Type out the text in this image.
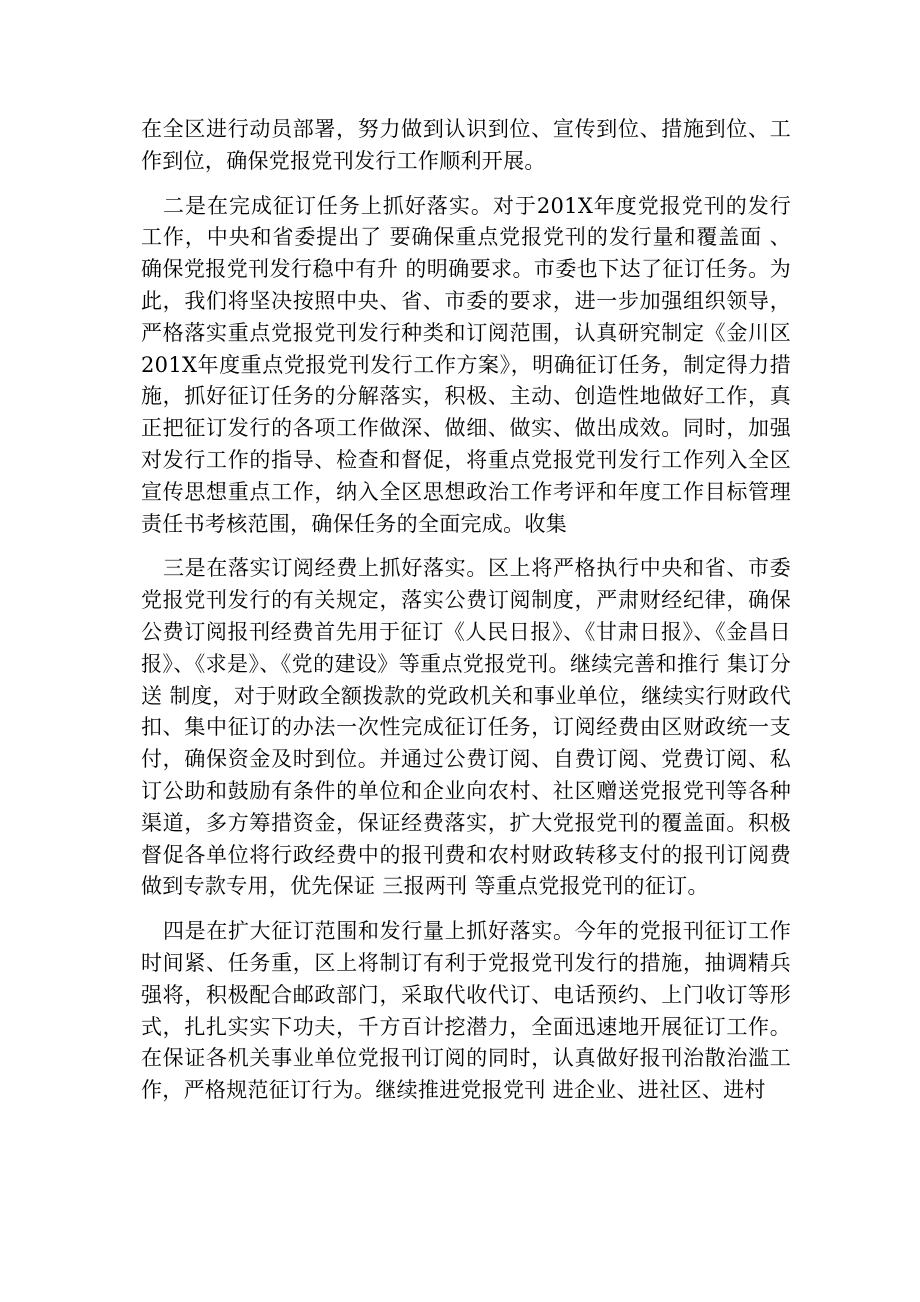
在全区进行动员部署，努力做到认识到位、宣传到位、措施到位、工作到位，确保党报党刊发行工作顺利开展。

二是在完成征订任务上抓好落实。对于201X年度党报党刊的发行工作，中央和省委提出了 要确保重点党报党刊的发行量和覆盖面 、确保党报党刊发行稳中有升 的明确要求。市委也下达了征订任务。为此，我们将坚决按照中央、省、市委的要求，进一步加强组织领导，严格落实重点党报党刊发行种类和订阅范围，认真研究制定《金川区201X年度重点党报党刊发行工作方案》，明确征订任务，制定得力措施，抓好征订任务的分解落实，积极、主动、创造性地做好工作，真正把征订发行的各项工作做深、做细、做实、做出成效。同时，加强对发行工作的指导、检查和督促，将重点党报党刊发行工作列入全区宣传思想重点工作，纳入全区思想政治工作考评和年度工作目标管理责任书考核范围，确保任务的全面完成。收集

三是在落实订阅经费上抓好落实。区上将严格执行中央和省、市委党报党刊发行的有关规定，落实公费订阅制度，严肃财经纪律，确保公费订阅报刊经费首先用于征订《人民日报》、《甘肃日报》、《金昌日报》、《求是》、《党的建设》等重点党报党刊。继续完善和推行 集订分送 制度，对于财政全额拨款的党政机关和事业单位，继续实行财政代扣、集中征订的办法一次性完成征订任务，订阅经费由区财政统一支付，确保资金及时到位。并通过公费订阅、自费订阅、党费订阅、私订公助和鼓励有条件的单位和企业向农村、社区赠送党报党刊等各种渠道，多方筹措资金，保证经费落实，扩大党报党刊的覆盖面。积极督促各单位将行政经费中的报刊费和农村财政转移支付的报刊订阅费做到专款专用，优先保证 三报两刊 等重点党报党刊的征订。

四是在扩大征订范围和发行量上抓好落实。今年的党报刊征订工作时间紧、任务重，区上将制订有利于党报党刊发行的措施，抽调精兵强将，积极配合邮政部门，采取代收代订、电话预约、上门收订等形式，扎扎实实下功夫，千方百计挖潜力，全面迅速地开展征订工作。在保证各机关事业单位党报刊订阅的同时，认真做好报刊治散治滥工作，严格规范征订行为。继续推进党报党刊 进企业、进社区、进村
